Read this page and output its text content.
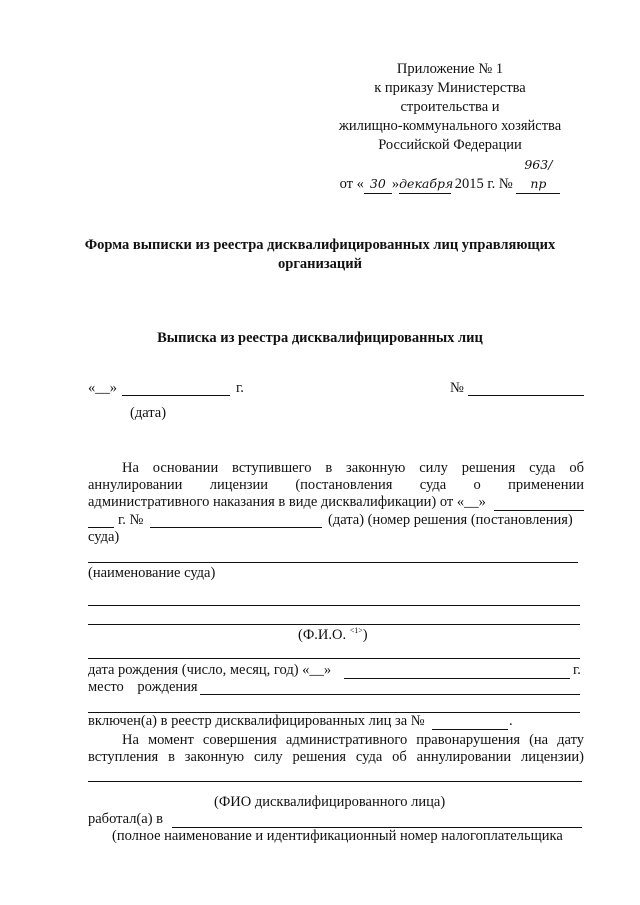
Приложение № 1
к приказу Министерства
строительства и
жилищно-коммунального хозяйства
Российской Федерации
от « 30 »декабря 2015 г. № 963/пр
Форма выписки из реестра дисквалифицированных лиц управляющих
организаций
Выписка из реестра дисквалифицированных лиц
«__»	г.	№
(дата)
На основании вступившего в законную силу решения суда об
аннулировании лицензии (постановления суда о применении
административного наказания в виде дисквалификации) от «__»
г. №	(дата) (номер решения (постановления)
суда)
(наименование суда)
(Ф.И.О. $^{<1>}$)
дата рождения (число, месяц, год) «__»	г.
место рождения
включен(а) в реестр дисквалифицированных лиц за №	.
На момент совершения административного правонарушения (на дату
вступления в законную силу решения суда об аннулировании лицензии)
(ФИО дисквалифицированного лица)
работал(а) в
(полное наименование и идентификационный номер налогоплательщика
